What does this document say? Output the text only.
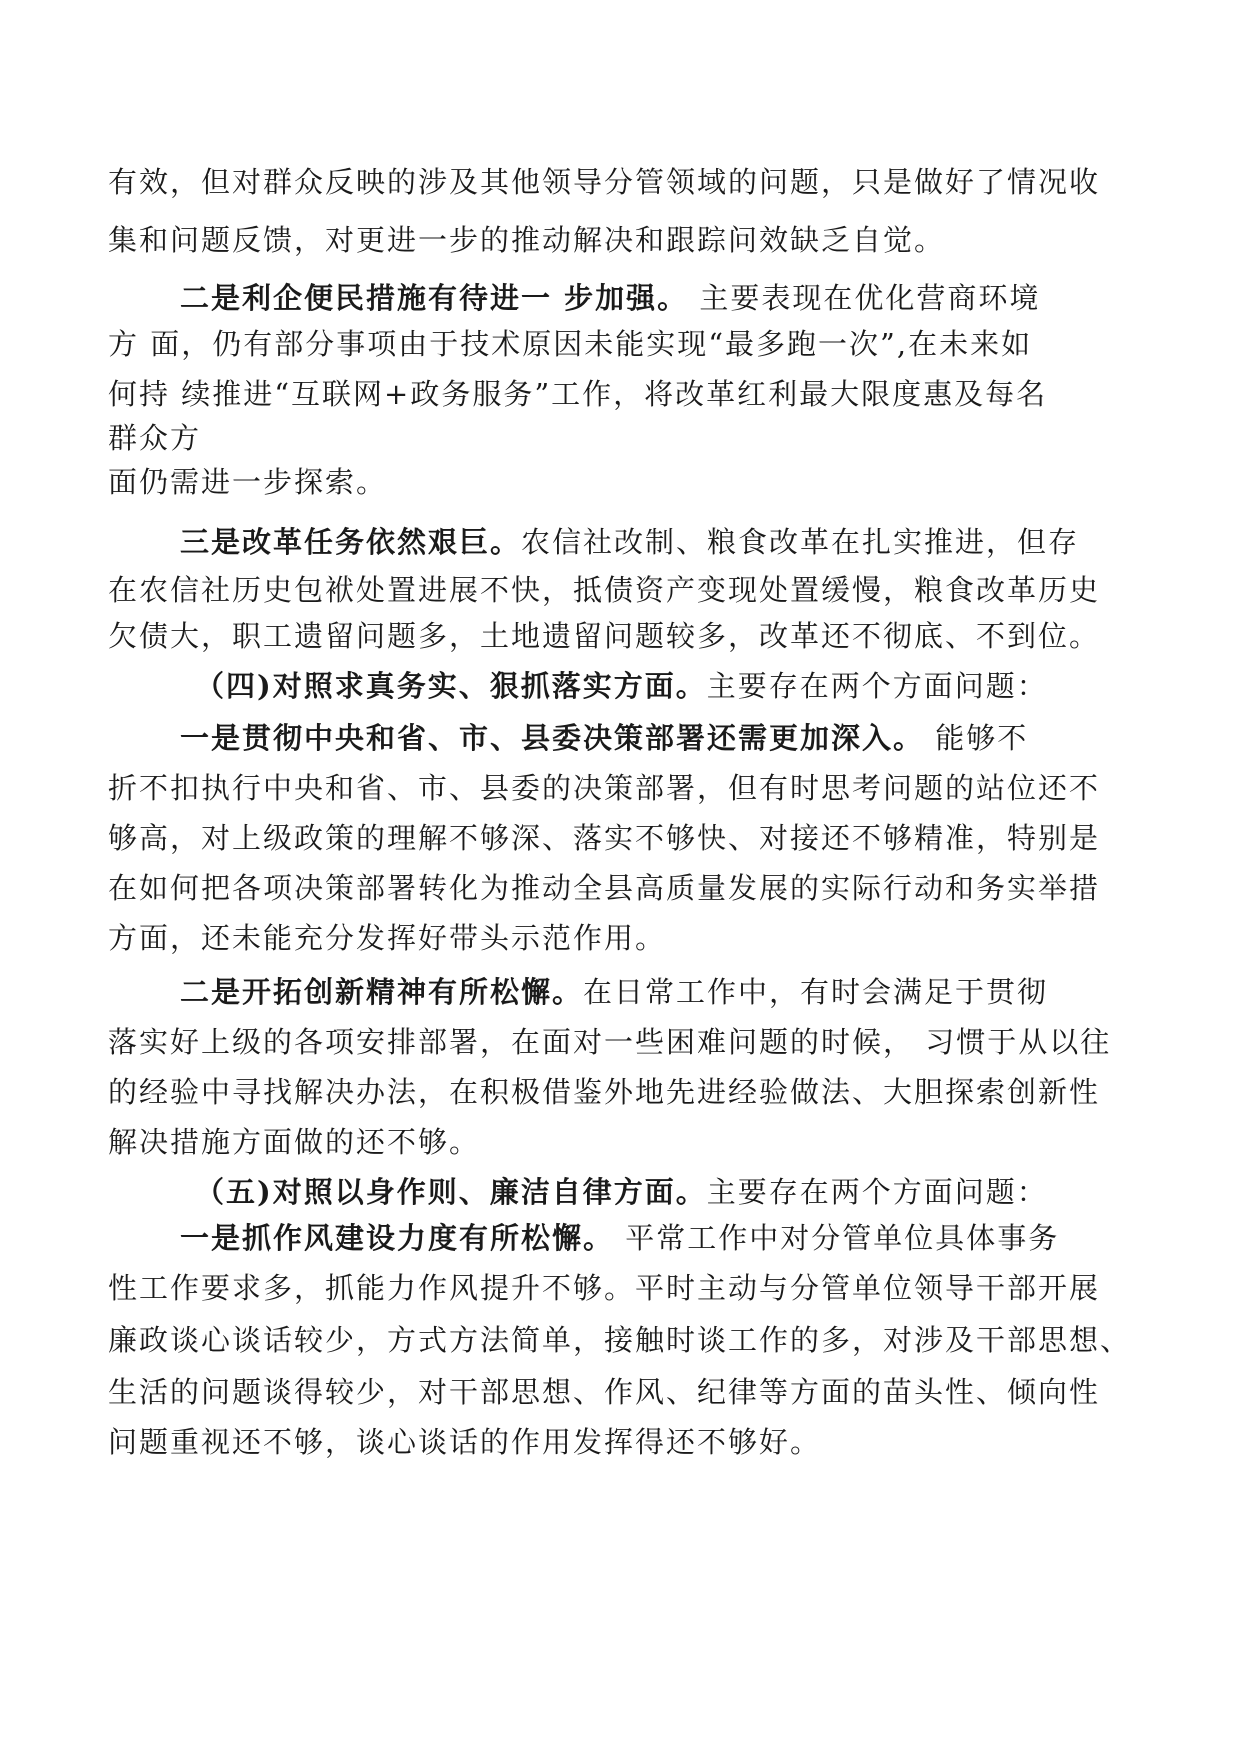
有效，但对群众反映的涉及其他领导分管领域的问题，只是做好了情况收
集和问题反馈，对更进一步的推动解决和跟踪问效缺乏自觉。
二是利企便民措施有待进一 步加强。 主要表现在优化营商环境
方 面，仍有部分事项由于技术原因未能实现“最多跑一次”,在未来如
何持 续推进“互联网+政务服务”工作，将改革红利最大限度惠及每名
群众方
面仍需进一步探索。
三是改革任务依然艰巨。农信社改制、粮食改革在扎实推进，但存
在农信社历史包袱处置进展不快，抵债资产变现处置缓慢，粮食改革历史
欠债大，职工遗留问题多，土地遗留问题较多，改革还不彻底、不到位。
（四)对照求真务实、狠抓落实方面。主要存在两个方面问题：
一是贯彻中央和省、市、县委决策部署还需更加深入。 能够不
折不扣执行中央和省、市、县委的决策部署，但有时思考问题的站位还不
够高，对上级政策的理解不够深、落实不够快、对接还不够精准，特别是
在如何把各项决策部署转化为推动全县高质量发展的实际行动和务实举措
方面，还未能充分发挥好带头示范作用。
二是开拓创新精神有所松懈。在日常工作中，有时会满足于贯彻
落实好上级的各项安排部署，在面对一些困难问题的时候， 习惯于从以往
的经验中寻找解决办法，在积极借鉴外地先进经验做法、大胆探索创新性
解决措施方面做的还不够。
（五)对照以身作则、廉洁自律方面。主要存在两个方面问题：
一是抓作风建设力度有所松懈。 平常工作中对分管单位具体事务
性工作要求多，抓能力作风提升不够。平时主动与分管单位领导干部开展
廉政谈心谈话较少，方式方法简单，接触时谈工作的多，对涉及干部思想、
生活的问题谈得较少，对干部思想、作风、纪律等方面的苗头性、倾向性
问题重视还不够，谈心谈话的作用发挥得还不够好。
